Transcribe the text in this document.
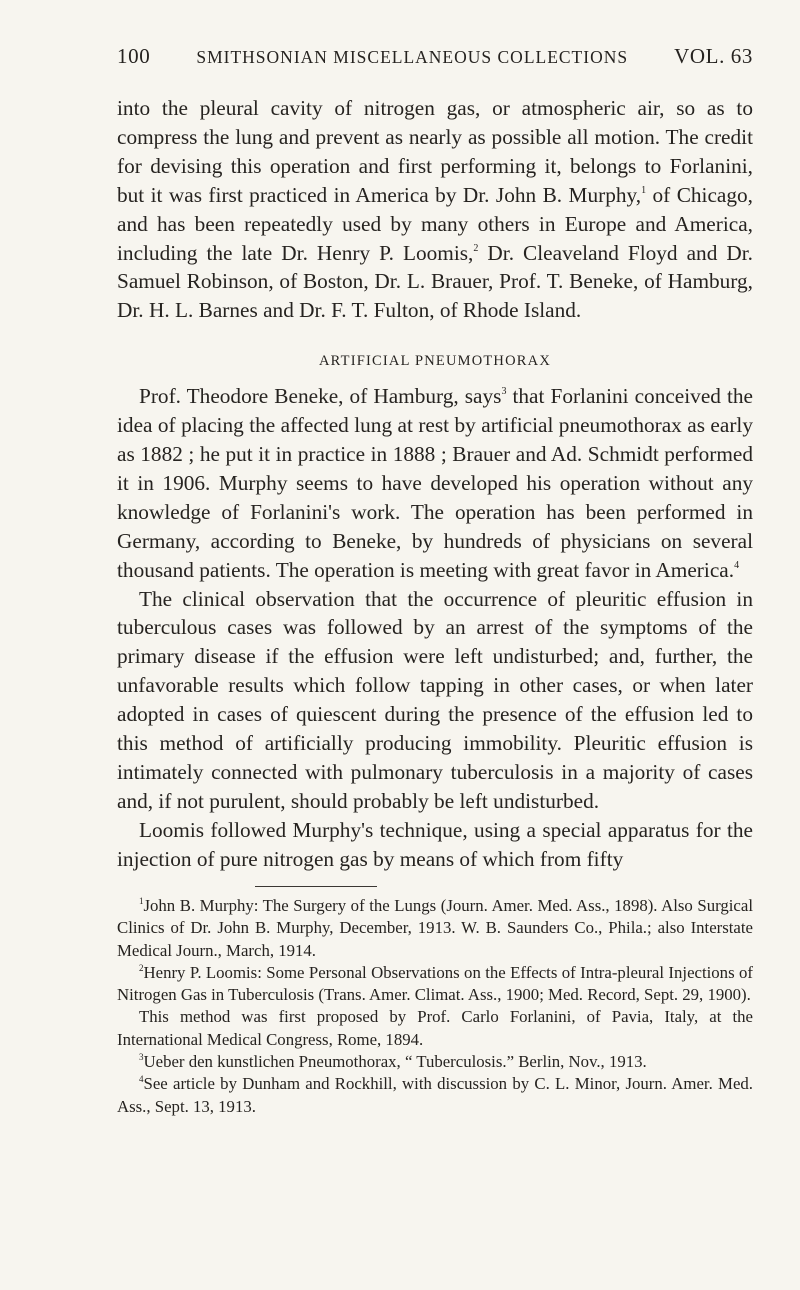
100	SMITHSONIAN MISCELLANEOUS COLLECTIONS VOL. 63

into the pleural cavity of nitrogen gas, or atmospheric air, so as to compress the lung and prevent as nearly as possible all motion. The credit for devising this operation and first performing it, belongs to Forlanini, but it was first practiced in America by Dr. John B. Murphy,$^1$ of Chicago, and has been repeatedly used by many others in Europe and America, including the late Dr. Henry P. Loomis,$^2$ Dr. Cleaveland Floyd and Dr. Samuel Robinson, of Boston, Dr. L. Brauer, Prof. T. Beneke, of Hamburg, Dr. H. L. Barnes and Dr. F. T. Fulton, of Rhode Island.

ARTIFICIAL PNEUMOTHORAX

Prof. Theodore Beneke, of Hamburg, says$^3$ that Forlanini conceived the idea of placing the affected lung at rest by artificial pneumothorax as early as 1882 ; he put it in practice in 1888 ; Brauer and Ad. Schmidt performed it in 1906. Murphy seems to have developed his operation without any knowledge of Forlanini's work. The operation has been performed in Germany, according to Beneke, by hundreds of physicians on several thousand patients. The operation is meeting with great favor in America.$^4$

The clinical observation that the occurrence of pleuritic effusion in tuberculous cases was followed by an arrest of the symptoms of the primary disease if the effusion were left undisturbed; and, further, the unfavorable results which follow tapping in other cases, or when later adopted in cases of quiescent during the presence of the effusion led to this method of artificially producing immobility. Pleuritic effusion is intimately connected with pulmonary tuberculosis in a majority of cases and, if not purulent, should probably be left undisturbed.

Loomis followed Murphy's technique, using a special apparatus for the injection of pure nitrogen gas by means of which from fifty

$^1$John B. Murphy: The Surgery of the Lungs (Journ. Amer. Med. Ass., 1898). Also Surgical Clinics of Dr. John B. Murphy, December, 1913. W. B. Saunders Co., Phila.; also Interstate Medical Journ., March, 1914.

$^2$Henry P. Loomis: Some Personal Observations on the Effects of Intra-pleural Injections of Nitrogen Gas in Tuberculosis (Trans. Amer. Climat. Ass., 1900; Med. Record, Sept. 29, 1900).

This method was first proposed by Prof. Carlo Forlanini, of Pavia, Italy, at the International Medical Congress, Rome, 1894.

$^3$Ueber den kunstlichen Pneumothorax, “ Tuberculosis.” Berlin, Nov., 1913.

$^4$See article by Dunham and Rockhill, with discussion by C. L. Minor, Journ. Amer. Med. Ass., Sept. 13, 1913.
